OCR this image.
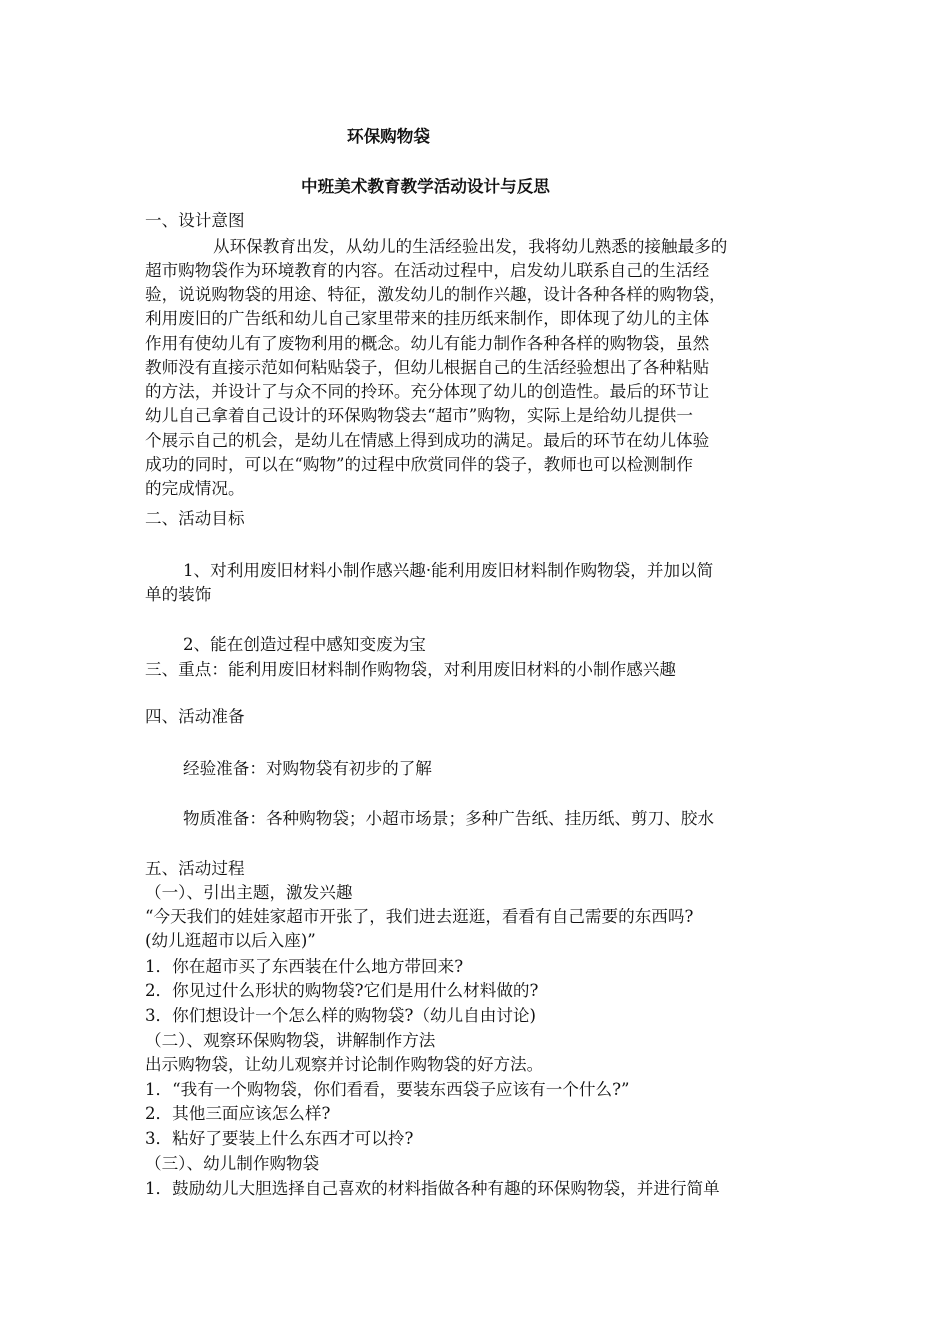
环保购物袋
中班美术教育教学活动设计与反思
一、设计意图
从环保教育出发，从幼儿的生活经验出发，我将幼儿熟悉的接触最多的
超市购物袋作为环境教育的内容。在活动过程中，启发幼儿联系自己的生活经
验，说说购物袋的用途、特征，激发幼儿的制作兴趣，设计各种各样的购物袋，
利用废旧的广告纸和幼儿自己家里带来的挂历纸来制作，即体现了幼儿的主体
作用有使幼儿有了废物利用的概念。幼儿有能力制作各种各样的购物袋，虽然
教师没有直接示范如何粘贴袋子，但幼儿根据自己的生活经验想出了各种粘贴
的方法，并设计了与众不同的拎环。充分体现了幼儿的创造性。最后的环节让
幼儿自己拿着自己设计的环保购物袋去“超市”购物，实际上是给幼儿提供一
个展示自己的机会，是幼儿在情感上得到成功的满足。最后的环节在幼儿体验
成功的同时，可以在“购物”的过程中欣赏同伴的袋子，教师也可以检测制作
的完成情况。
二、活动目标
1、对利用废旧材料小制作感兴趣·能利用废旧材料制作购物袋，并加以简
单的装饰
2、能在创造过程中感知变废为宝
三、重点：能利用废旧材料制作购物袋，对利用废旧材料的小制作感兴趣
四、活动准备
经验准备：对购物袋有初步的了解
物质准备：各种购物袋；小超市场景；多种广告纸、挂历纸、剪刀、胶水
五、活动过程
（一）、引出主题，激发兴趣
“今天我们的娃娃家超市开张了，我们进去逛逛，看看有自己需要的东西吗?
(幼儿逛超市以后入座)”
1．你在超市买了东西装在什么地方带回来?
2．你见过什么形状的购物袋?它们是用什么材料做的?
3．你们想设计一个怎么样的购物袋?（幼儿自由讨论)
（二）、观察环保购物袋，讲解制作方法
出示购物袋，让幼儿观察并讨论制作购物袋的好方法。
1．“我有一个购物袋，你们看看，要装东西袋子应该有一个什么?”
2．其他三面应该怎么样?
3．粘好了要装上什么东西才可以拎?
（三）、幼儿制作购物袋
1．鼓励幼儿大胆选择自己喜欢的材料指做各种有趣的环保购物袋，并进行简单
